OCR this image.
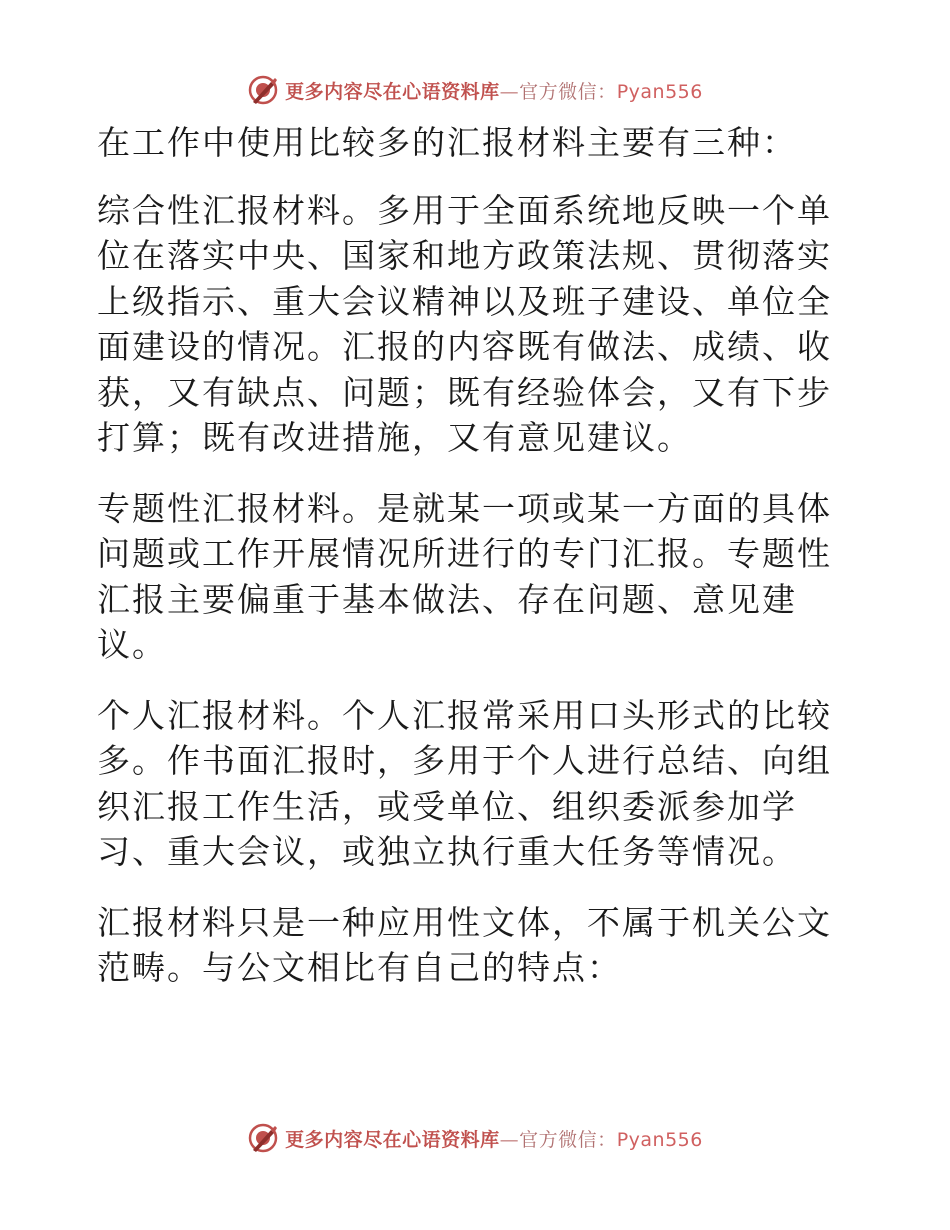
更多内容尽在心语资料库—官方微信：Pyan556

在工作中使用比较多的汇报材料主要有三种：

综合性汇报材料。多用于全面系统地反映一个单位在落实中央、国家和地方政策法规、贯彻落实上级指示、重大会议精神以及班子建设、单位全面建设的情况。汇报的内容既有做法、成绩、收获，又有缺点、问题；既有经验体会，又有下步打算；既有改进措施，又有意见建议。

专题性汇报材料。是就某一项或某一方面的具体问题或工作开展情况所进行的专门汇报。专题性汇报主要偏重于基本做法、存在问题、意见建议。

个人汇报材料。个人汇报常采用口头形式的比较多。作书面汇报时，多用于个人进行总结、向组织汇报工作生活，或受单位、组织委派参加学习、重大会议，或独立执行重大任务等情况。

汇报材料只是一种应用性文体，不属于机关公文范畴。与公文相比有自己的特点：

更多内容尽在心语资料库—官方微信：Pyan556
